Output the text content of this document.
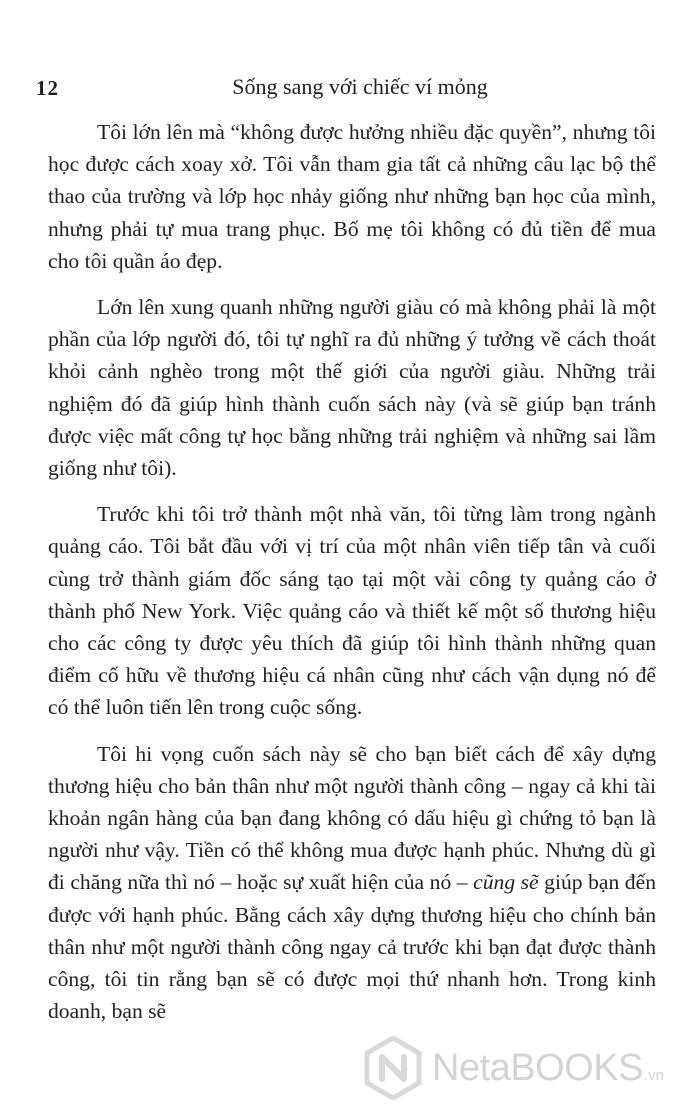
12	Sống sang với chiếc ví mỏng

Tôi lớn lên mà “không được hưởng nhiều đặc quyền”, nhưng tôi học được cách xoay xở. Tôi vẫn tham gia tất cả những câu lạc bộ thể thao của trường và lớp học nhảy giống như những bạn học của mình, nhưng phải tự mua trang phục. Bố mẹ tôi không có đủ tiền để mua cho tôi quần áo đẹp.

Lớn lên xung quanh những người giàu có mà không phải là một phần của lớp người đó, tôi tự nghĩ ra đủ những ý tưởng về cách thoát khỏi cảnh nghèo trong một thế giới của người giàu. Những trải nghiệm đó đã giúp hình thành cuốn sách này (và sẽ giúp bạn tránh được việc mất công tự học bằng những trải nghiệm và những sai lầm giống như tôi).

Trước khi tôi trở thành một nhà văn, tôi từng làm trong ngành quảng cáo. Tôi bắt đầu với vị trí của một nhân viên tiếp tân và cuối cùng trở thành giám đốc sáng tạo tại một vài công ty quảng cáo ở thành phố New York. Việc quảng cáo và thiết kế một số thương hiệu cho các công ty được yêu thích đã giúp tôi hình thành những quan điểm cố hữu về thương hiệu cá nhân cũng như cách vận dụng nó để có thể luôn tiến lên trong cuộc sống.

Tôi hi vọng cuốn sách này sẽ cho bạn biết cách để xây dựng thương hiệu cho bản thân như một người thành công – ngay cả khi tài khoản ngân hàng của bạn đang không có dấu hiệu gì chứng tỏ bạn là người như vậy. Tiền có thể không mua được hạnh phúc. Nhưng dù gì đi chăng nữa thì nó – hoặc sự xuất hiện của nó – cũng sẽ giúp bạn đến được với hạnh phúc. Bằng cách xây dựng thương hiệu cho chính bản thân như một người thành công ngay cả trước khi bạn đạt được thành công, tôi tin rằng bạn sẽ có được mọi thứ nhanh hơn. Trong kinh doanh, bạn sẽ

NetaBOOKS .vn
